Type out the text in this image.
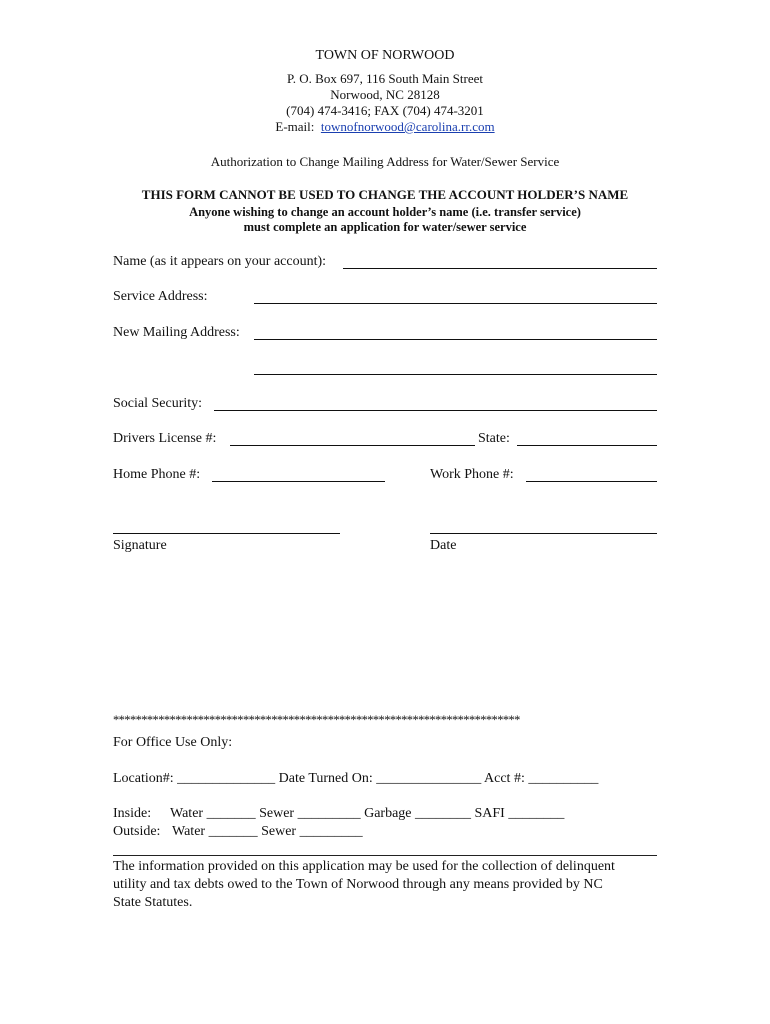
TOWN OF NORWOOD
P. O. Box 697, 116 South Main Street
Norwood, NC 28128
(704) 474-3416; FAX (704) 474-3201
E-mail: townofnorwood@carolina.rr.com
Authorization to Change Mailing Address for Water/Sewer Service
THIS FORM CANNOT BE USED TO CHANGE THE ACCOUNT HOLDER’S NAME
Anyone wishing to change an account holder’s name (i.e. transfer service)
must complete an application for water/sewer service
Name (as it appears on your account):
Service Address:
New Mailing Address:
Social Security:
Drivers License #:	State:
Home Phone #:	Work Phone #:
Signature	Date
************************************************************************
For Office Use Only:
Location#: ______________ Date Turned On: _______________ Acct #: __________
Inside: Water _______ Sewer _________ Garbage ________ SAFI ________
Outside: Water _______ Sewer _________
The information provided on this application may be used for the collection of delinquent
utility and tax debts owed to the Town of Norwood through any means provided by NC
State Statutes.
